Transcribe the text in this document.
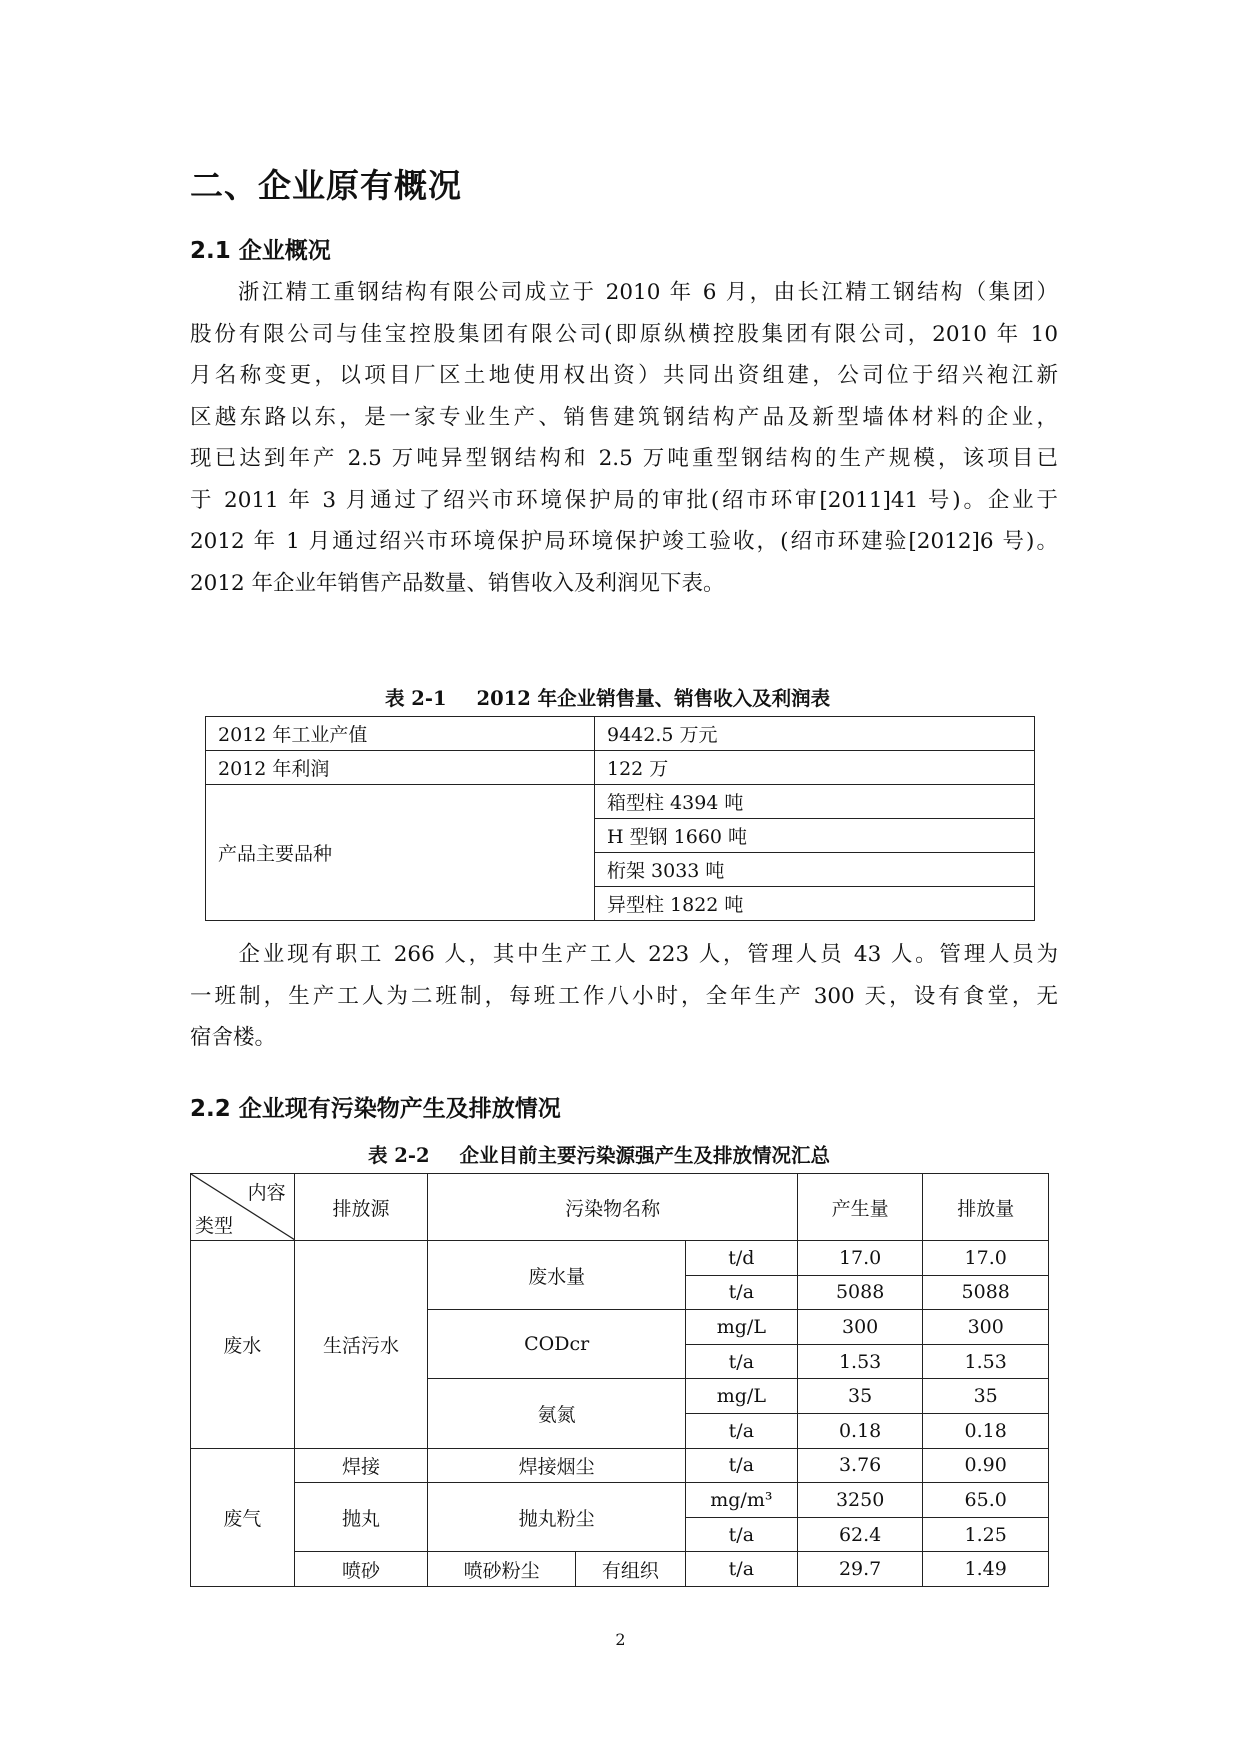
二、企业原有概况
2.1 企业概况
　　浙江精工重钢结构有限公司成立于 2010 年 6 月，由长江精工钢结构（集团）
股份有限公司与佳宝控股集团有限公司(即原纵横控股集团有限公司，2010 年 10
月名称变更，以项目厂区土地使用权出资）共同出资组建，公司位于绍兴袍江新
区越东路以东，是一家专业生产、销售建筑钢结构产品及新型墙体材料的企业，
现已达到年产 2.5 万吨异型钢结构和 2.5 万吨重型钢结构的生产规模，该项目已
于 2011 年 3 月通过了绍兴市环境保护局的审批(绍市环审[2011]41 号)。企业于
2012 年 1 月通过绍兴市环境保护局环境保护竣工验收，(绍市环建验[2012]6 号)。
2012 年企业年销售产品数量、销售收入及利润见下表。
表 2-1 2012 年企业销售量、销售收入及利润表
2012 年工业产值	9442.5 万元
2012 年利润	122 万
产品主要品种	箱型柱 4394 吨
	H 型钢 1660 吨
	桁架 3033 吨
	异型柱 1822 吨
　　企业现有职工 266 人，其中生产工人 223 人，管理人员 43 人。管理人员为
一班制，生产工人为二班制，每班工作八小时，全年生产 300 天，设有食堂，无
宿舍楼。
2.2 企业现有污染物产生及排放情况
表 2-2 企业目前主要污染源强产生及排放情况汇总
内容
类型	排放源	污染物名称			产生量	排放量
废水	生活污水	废水量		t/d	17.0	17.0
				t/a	5088	5088
		CODcr		mg/L	300	300
				t/a	1.53	1.53
		氨氮		mg/L	35	35
				t/a	0.18	0.18
废气	焊接	焊接烟尘		t/a	3.76	0.90
	抛丸	抛丸粉尘		mg/m³	3250	65.0
				t/a	62.4	1.25
	喷砂	喷砂粉尘	有组织	t/a	29.7	1.49
2
